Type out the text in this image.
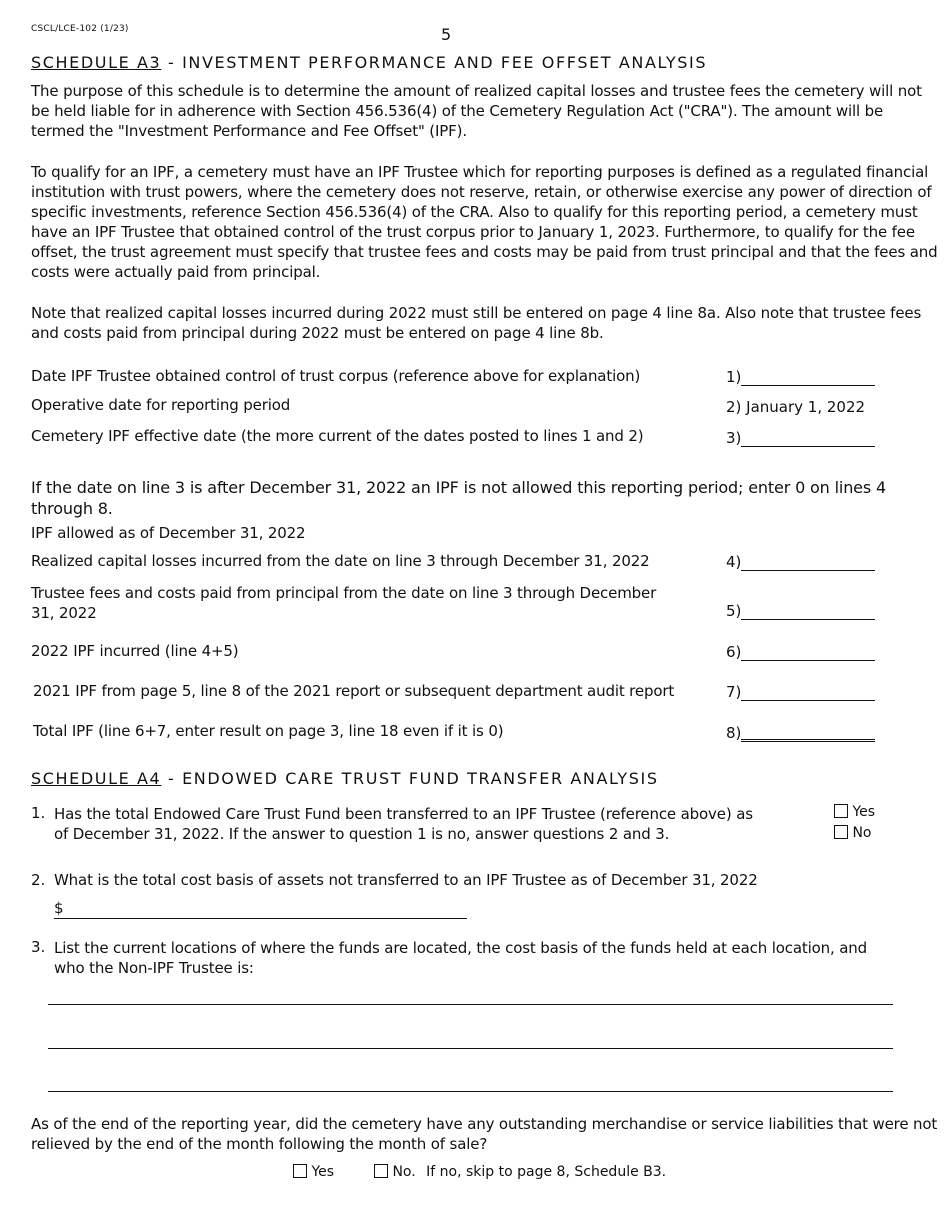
CSCL/LCE-102 (1/23)	5
SCHEDULE A3 - INVESTMENT PERFORMANCE AND FEE OFFSET ANALYSIS
The purpose of this schedule is to determine the amount of realized capital losses and trustee fees the cemetery will not be held liable for in adherence with Section 456.536(4) of the Cemetery Regulation Act ("CRA"). The amount will be termed the "Investment Performance and Fee Offset" (IPF).
To qualify for an IPF, a cemetery must have an IPF Trustee which for reporting purposes is defined as a regulated financial institution with trust powers, where the cemetery does not reserve, retain, or otherwise exercise any power of direction of specific investments, reference Section 456.536(4) of the CRA. Also to qualify for this reporting period, a cemetery must have an IPF Trustee that obtained control of the trust corpus prior to January 1, 2023. Furthermore, to qualify for the fee offset, the trust agreement must specify that trustee fees and costs may be paid from trust principal and that the fees and costs were actually paid from principal.
Note that realized capital losses incurred during 2022 must still be entered on page 4 line 8a. Also note that trustee fees and costs paid from principal during 2022 must be entered on page 4 line 8b.
Date IPF Trustee obtained control of trust corpus (reference above for explanation)	1)
Operative date for reporting period	2) January 1, 2022
Cemetery IPF effective date (the more current of the dates posted to lines 1 and 2)	3)
If the date on line 3 is after December 31, 2022 an IPF is not allowed this reporting period; enter 0 on lines 4 through 8.
IPF allowed as of December 31, 2022
Realized capital losses incurred from the date on line 3 through December 31, 2022	4)
Trustee fees and costs paid from principal from the date on line 3 through December 31, 2022	5)
2022 IPF incurred (line 4+5)	6)
2021 IPF from page 5, line 8 of the 2021 report or subsequent department audit report	7)
Total IPF (line 6+7, enter result on page 3, line 18 even if it is 0)	8)
SCHEDULE A4 - ENDOWED CARE TRUST FUND TRANSFER ANALYSIS
1. Has the total Endowed Care Trust Fund been transferred to an IPF Trustee (reference above) as of December 31, 2022. If the answer to question 1 is no, answer questions 2 and 3.
Yes
No
2. What is the total cost basis of assets not transferred to an IPF Trustee as of December 31, 2022
$
3. List the current locations of where the funds are located, the cost basis of the funds held at each location, and who the Non-IPF Trustee is:
As of the end of the reporting year, did the cemetery have any outstanding merchandise or service liabilities that were not relieved by the end of the month following the month of sale?
Yes	No. If no, skip to page 8, Schedule B3.
